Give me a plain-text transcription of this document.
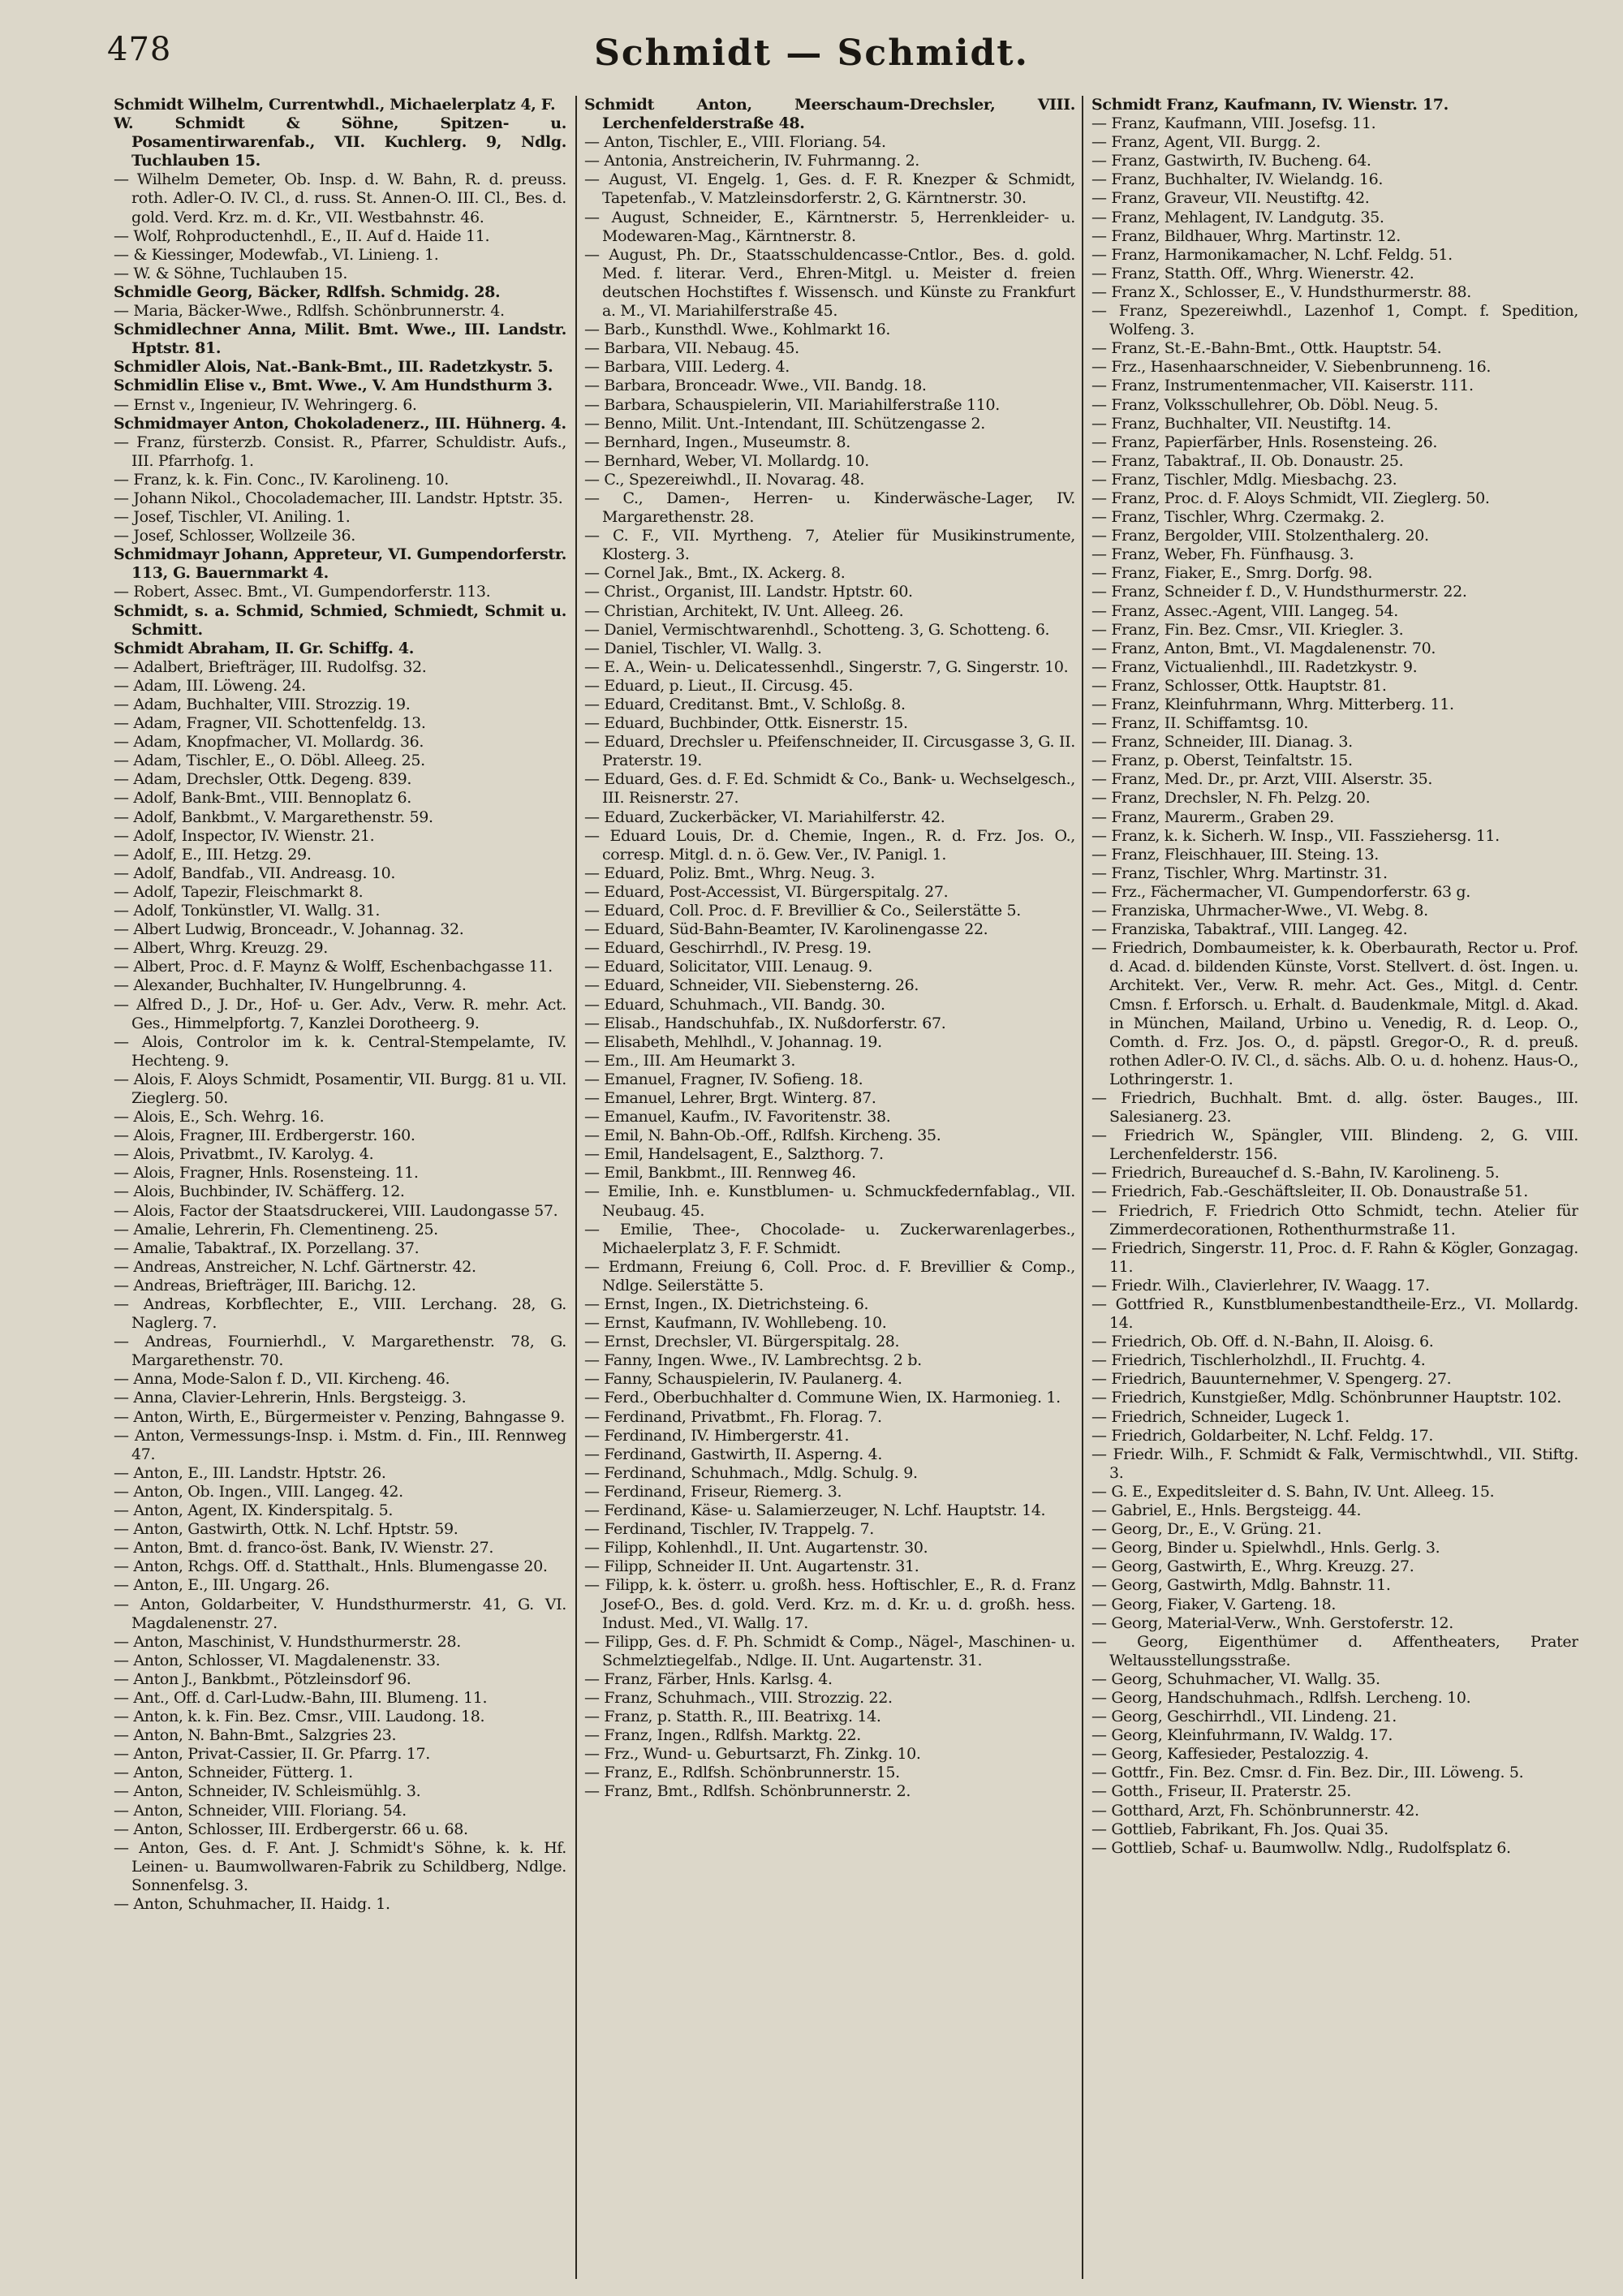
478	Schmidt — Schmidt.
Schmidt Wilhelm, Currentwhdl., Michaelerplatz 4, F.
W. Schmidt & Söhne, Spitzen- u. Posamentirwarenfab., VII. Kuchlerg. 9, Ndlg. Tuchlauben 15.
— Wilhelm Demeter, Ob. Insp. d. W. Bahn, R. d. preuss. roth. Adler-O. IV. Cl., d. russ. St. Annen-O. III. Cl., Bes. d. gold. Verd. Krz. m. d. Kr., VII. Westbahnstr. 46.
— Wolf, Rohproductenhdl., E., II. Auf d. Haide 11.
— & Kiessinger, Modewfab., VI. Linieng. 1.
— W. & Söhne, Tuchlauben 15.
Schmidle Georg, Bäcker, Rdlfsh. Schmidg. 28.
— Maria, Bäcker-Wwe., Rdlfsh. Schönbrunnerstr. 4.
Schmidlechner Anna, Milit. Bmt. Wwe., III. Landstr. Hptstr. 81.
Schmidler Alois, Nat.-Bank-Bmt., III. Radetzkystr. 5.
Schmidlin Elise v., Bmt. Wwe., V. Am Hundsthurm 3.
— Ernst v., Ingenieur, IV. Wehringerg. 6.
Schmidmayer Anton, Chokoladenerz., III. Hühnerg. 4.
— Franz, fürsterzb. Consist. R., Pfarrer, Schuldistr. Aufs., III. Pfarrhofg. 1.
— Franz, k. k. Fin. Conc., IV. Karolineng. 10.
— Johann Nikol., Chocolademacher, III. Landstr. Hptstr. 35.
— Josef, Tischler, VI. Aniling. 1.
— Josef, Schlosser, Wollzeile 36.
Schmidmayr Johann, Appreteur, VI. Gumpendorferstr. 113, G. Bauernmarkt 4.
— Robert, Assec. Bmt., VI. Gumpendorferstr. 113.
Schmidt, s. a. Schmid, Schmied, Schmiedt, Schmit u. Schmitt.
Schmidt Abraham, II. Gr. Schiffg. 4.
— Adalbert, Briefträger, III. Rudolfsg. 32.
— Adam, III. Löweng. 24.
— Adam, Buchhalter, VIII. Strozzig. 19.
— Adam, Fragner, VII. Schottenfeldg. 13.
— Adam, Knopfmacher, VI. Mollardg. 36.
— Adam, Tischler, E., O. Döbl. Alleeg. 25.
— Adam, Drechsler, Ottk. Degeng. 839.
— Adolf, Bank-Bmt., VIII. Bennoplatz 6.
— Adolf, Bankbmt., V. Margarethenstr. 59.
— Adolf, Inspector, IV. Wienstr. 21.
— Adolf, E., III. Hetzg. 29.
— Adolf, Bandfab., VII. Andreasg. 10.
— Adolf, Tapezir, Fleischmarkt 8.
— Adolf, Tonkünstler, VI. Wallg. 31.
— Albert Ludwig, Bronceadr., V. Johannag. 32.
— Albert, Whrg. Kreuzg. 29.
— Albert, Proc. d. F. Maynz & Wolff, Eschenbachgasse 11.
— Alexander, Buchhalter, IV. Hungelbrunng. 4.
— Alfred D., J. Dr., Hof- u. Ger. Adv., Verw. R. mehr. Act. Ges., Himmelpfortg. 7, Kanzlei Dorotheerg. 9.
— Alois, Controlor im k. k. Central-Stempelamte, IV. Hechteng. 9.
— Alois, F. Aloys Schmidt, Posamentir, VII. Burgg. 81 u. VII. Zieglerg. 50.
— Alois, E., Sch. Wehrg. 16.
— Alois, Fragner, III. Erdbergerstr. 160.
— Alois, Privatbmt., IV. Karolyg. 4.
— Alois, Fragner, Hnls. Rosensteing. 11.
— Alois, Buchbinder, IV. Schäfferg. 12.
— Alois, Factor der Staatsdruckerei, VIII. Laudongasse 57.
— Amalie, Lehrerin, Fh. Clementineng. 25.
— Amalie, Tabaktraf., IX. Porzellang. 37.
— Andreas, Anstreicher, N. Lchf. Gärtnerstr. 42.
— Andreas, Briefträger, III. Barichg. 12.
— Andreas, Korbflechter, E., VIII. Lerchang. 28, G. Naglerg. 7.
— Andreas, Fournierhdl., V. Margarethenstr. 78, G. Margarethenstr. 70.
— Anna, Mode-Salon f. D., VII. Kircheng. 46.
— Anna, Clavier-Lehrerin, Hnls. Bergsteigg. 3.
— Anton, Wirth, E., Bürgermeister v. Penzing, Bahngasse 9.
— Anton, Vermessungs-Insp. i. Mstm. d. Fin., III. Rennweg 47.
— Anton, E., III. Landstr. Hptstr. 26.
— Anton, Ob. Ingen., VIII. Langeg. 42.
— Anton, Agent, IX. Kinderspitalg. 5.
— Anton, Gastwirth, Ottk. N. Lchf. Hptstr. 59.
— Anton, Bmt. d. franco-öst. Bank, IV. Wienstr. 27.
— Anton, Rchgs. Off. d. Statthalt., Hnls. Blumengasse 20.
— Anton, E., III. Ungarg. 26.
— Anton, Goldarbeiter, V. Hundsthurmerstr. 41, G. VI. Magdalenenstr. 27.
— Anton, Maschinist, V. Hundsthurmerstr. 28.
— Anton, Schlosser, VI. Magdalenenstr. 33.
— Anton J., Bankbmt., Pötzleinsdorf 96.
— Ant., Off. d. Carl-Ludw.-Bahn, III. Blumeng. 11.
— Anton, k. k. Fin. Bez. Cmsr., VIII. Laudong. 18.
— Anton, N. Bahn-Bmt., Salzgries 23.
— Anton, Privat-Cassier, II. Gr. Pfarrg. 17.
— Anton, Schneider, Fütterg. 1.
— Anton, Schneider, IV. Schleismühlg. 3.
— Anton, Schneider, VIII. Floriang. 54.
— Anton, Schlosser, III. Erdbergerstr. 66 u. 68.
— Anton, Ges. d. F. Ant. J. Schmidt's Söhne, k. k. Hf. Leinen- u. Baumwollwaren-Fabrik zu Schildberg, Ndlge. Sonnenfelsg. 3.
— Anton, Schuhmacher, II. Haidg. 1.
Schmidt Anton, Meerschaum-Drechsler, VIII. Lerchenfelderstraße 48.
— Anton, Tischler, E., VIII. Floriang. 54.
— Antonia, Anstreicherin, IV. Fuhrmanng. 2.
— August, VI. Engelg. 1, Ges. d. F. R. Knezper & Schmidt, Tapetenfab., V. Matzleinsdorferstr. 2, G. Kärntnerstr. 30.
— August, Schneider, E., Kärntnerstr. 5, Herrenkleider- u. Modewaren-Mag., Kärntnerstr. 8.
— August, Ph. Dr., Staatsschuldencasse-Cntlor., Bes. d. gold. Med. f. literar. Verd., Ehren-Mitgl. u. Meister d. freien deutschen Hochstiftes f. Wissensch. und Künste zu Frankfurt a. M., VI. Mariahilferstraße 45.
— Barb., Kunsthdl. Wwe., Kohlmarkt 16.
— Barbara, VII. Nebaug. 45.
— Barbara, VIII. Lederg. 4.
— Barbara, Bronceadr. Wwe., VII. Bandg. 18.
— Barbara, Schauspielerin, VII. Mariahilferstraße 110.
— Benno, Milit. Unt.-Intendant, III. Schützengasse 2.
— Bernhard, Ingen., Museumstr. 8.
— Bernhard, Weber, VI. Mollardg. 10.
— C., Spezereiwhdl., II. Novarag. 48.
— C., Damen-, Herren- u. Kinderwäsche-Lager, IV. Margarethenstr. 28.
— C. F., VII. Myrtheng. 7, Atelier für Musikinstrumente, Klosterg. 3.
— Cornel Jak., Bmt., IX. Ackerg. 8.
— Christ., Organist, III. Landstr. Hptstr. 60.
— Christian, Architekt, IV. Unt. Alleeg. 26.
— Daniel, Vermischtwarenhdl., Schotteng. 3, G. Schotteng. 6.
— Daniel, Tischler, VI. Wallg. 3.
— E. A., Wein- u. Delicatessenhdl., Singerstr. 7, G. Singerstr. 10.
— Eduard, p. Lieut., II. Circusg. 45.
— Eduard, Creditanst. Bmt., V. Schloßg. 8.
— Eduard, Buchbinder, Ottk. Eisnerstr. 15.
— Eduard, Drechsler u. Pfeifenschneider, II. Circusgasse 3, G. II. Praterstr. 19.
— Eduard, Ges. d. F. Ed. Schmidt & Co., Bank- u. Wechselgesch., III. Reisnerstr. 27.
— Eduard, Zuckerbäcker, VI. Mariahilferstr. 42.
— Eduard Louis, Dr. d. Chemie, Ingen., R. d. Frz. Jos. O., corresp. Mitgl. d. n. ö. Gew. Ver., IV. Panigl. 1.
— Eduard, Poliz. Bmt., Whrg. Neug. 3.
— Eduard, Post-Accessist, VI. Bürgerspitalg. 27.
— Eduard, Coll. Proc. d. F. Brevillier & Co., Seilerstätte 5.
— Eduard, Süd-Bahn-Beamter, IV. Karolinengasse 22.
— Eduard, Geschirrhdl., IV. Presg. 19.
— Eduard, Solicitator, VIII. Lenaug. 9.
— Eduard, Schneider, VII. Siebensterng. 26.
— Eduard, Schuhmach., VII. Bandg. 30.
— Elisab., Handschuhfab., IX. Nußdorferstr. 67.
— Elisabeth, Mehlhdl., V. Johannag. 19.
— Em., III. Am Heumarkt 3.
— Emanuel, Fragner, IV. Sofieng. 18.
— Emanuel, Lehrer, Brgt. Winterg. 87.
— Emanuel, Kaufm., IV. Favoritenstr. 38.
— Emil, N. Bahn-Ob.-Off., Rdlfsh. Kircheng. 35.
— Emil, Handelsagent, E., Salzthorg. 7.
— Emil, Bankbmt., III. Rennweg 46.
— Emilie, Inh. e. Kunstblumen- u. Schmuckfedernfablag., VII. Neubaug. 45.
— Emilie, Thee-, Chocolade- u. Zuckerwarenlagerbes., Michaelerplatz 3, F. F. Schmidt.
— Erdmann, Freiung 6, Coll. Proc. d. F. Brevillier & Comp., Ndlge. Seilerstätte 5.
— Ernst, Ingen., IX. Dietrichsteing. 6.
— Ernst, Kaufmann, IV. Wohllebeng. 10.
— Ernst, Drechsler, VI. Bürgerspitalg. 28.
— Fanny, Ingen. Wwe., IV. Lambrechtsg. 2 b.
— Fanny, Schauspielerin, IV. Paulanerg. 4.
— Ferd., Oberbuchhalter d. Commune Wien, IX. Harmonieg. 1.
— Ferdinand, Privatbmt., Fh. Florag. 7.
— Ferdinand, IV. Himbergerstr. 41.
— Ferdinand, Gastwirth, II. Asperng. 4.
— Ferdinand, Schuhmach., Mdlg. Schulg. 9.
— Ferdinand, Friseur, Riemerg. 3.
— Ferdinand, Käse- u. Salamierzeuger, N. Lchf. Hauptstr. 14.
— Ferdinand, Tischler, IV. Trappelg. 7.
— Filipp, Kohlenhdl., II. Unt. Augartenstr. 30.
— Filipp, Schneider II. Unt. Augartenstr. 31.
— Filipp, k. k. österr. u. großh. hess. Hoftischler, E., R. d. Franz Josef-O., Bes. d. gold. Verd. Krz. m. d. Kr. u. d. großh. hess. Indust. Med., VI. Wallg. 17.
— Filipp, Ges. d. F. Ph. Schmidt & Comp., Nägel-, Maschinen- u. Schmelztiegelfab., Ndlge. II. Unt. Augartenstr. 31.
— Franz, Färber, Hnls. Karlsg. 4.
— Franz, Schuhmach., VIII. Strozzig. 22.
— Franz, p. Statth. R., III. Beatrixg. 14.
— Franz, Ingen., Rdlfsh. Marktg. 22.
— Frz., Wund- u. Geburtsarzt, Fh. Zinkg. 10.
— Franz, E., Rdlfsh. Schönbrunnerstr. 15.
— Franz, Bmt., Rdlfsh. Schönbrunnerstr. 2.
Schmidt Franz, Kaufmann, IV. Wienstr. 17.
— Franz, Kaufmann, VIII. Josefsg. 11.
— Franz, Agent, VII. Burgg. 2.
— Franz, Gastwirth, IV. Bucheng. 64.
— Franz, Buchhalter, IV. Wielandg. 16.
— Franz, Graveur, VII. Neustiftg. 42.
— Franz, Mehlagent, IV. Landgutg. 35.
— Franz, Bildhauer, Whrg. Martinstr. 12.
— Franz, Harmonikamacher, N. Lchf. Feldg. 51.
— Franz, Statth. Off., Whrg. Wienerstr. 42.
— Franz X., Schlosser, E., V. Hundsthurmerstr. 88.
— Franz, Spezereiwhdl., Lazenhof 1, Compt. f. Spedition, Wolfeng. 3.
— Franz, St.-E.-Bahn-Bmt., Ottk. Hauptstr. 54.
— Frz., Hasenhaarschneider, V. Siebenbrunneng. 16.
— Franz, Instrumentenmacher, VII. Kaiserstr. 111.
— Franz, Volksschullehrer, Ob. Döbl. Neug. 5.
— Franz, Buchhalter, VII. Neustiftg. 14.
— Franz, Papierfärber, Hnls. Rosensteing. 26.
— Franz, Tabaktraf., II. Ob. Donaustr. 25.
— Franz, Tischler, Mdlg. Miesbachg. 23.
— Franz, Proc. d. F. Aloys Schmidt, VII. Zieglerg. 50.
— Franz, Tischler, Whrg. Czermakg. 2.
— Franz, Bergolder, VIII. Stolzenthalerg. 20.
— Franz, Weber, Fh. Fünfhausg. 3.
— Franz, Fiaker, E., Smrg. Dorfg. 98.
— Franz, Schneider f. D., V. Hundsthurmerstr. 22.
— Franz, Assec.-Agent, VIII. Langeg. 54.
— Franz, Fin. Bez. Cmsr., VII. Kriegler. 3.
— Franz, Anton, Bmt., VI. Magdalenenstr. 70.
— Franz, Victualienhdl., III. Radetzkystr. 9.
— Franz, Schlosser, Ottk. Hauptstr. 81.
— Franz, Kleinfuhrmann, Whrg. Mitterberg. 11.
— Franz, II. Schiffamtsg. 10.
— Franz, Schneider, III. Dianag. 3.
— Franz, p. Oberst, Teinfaltstr. 15.
— Franz, Med. Dr., pr. Arzt, VIII. Alserstr. 35.
— Franz, Drechsler, N. Fh. Pelzg. 20.
— Franz, Maurerm., Graben 29.
— Franz, k. k. Sicherh. W. Insp., VII. Fassziehersg. 11.
— Franz, Fleischhauer, III. Steing. 13.
— Franz, Tischler, Whrg. Martinstr. 31.
— Frz., Fächermacher, VI. Gumpendorferstr. 63 g.
— Franziska, Uhrmacher-Wwe., VI. Webg. 8.
— Franziska, Tabaktraf., VIII. Langeg. 42.
— Friedrich, Dombaumeister, k. k. Oberbaurath, Rector u. Prof. d. Acad. d. bildenden Künste, Vorst. Stellvert. d. öst. Ingen. u. Architekt. Ver., Verw. R. mehr. Act. Ges., Mitgl. d. Centr. Cmsn. f. Erforsch. u. Erhalt. d. Baudenkmale, Mitgl. d. Akad. in München, Mailand, Urbino u. Venedig, R. d. Leop. O., Comth. d. Frz. Jos. O., d. päpstl. Gregor-O., R. d. preuß. rothen Adler-O. IV. Cl., d. sächs. Alb. O. u. d. hohenz. Haus-O., Lothringerstr. 1.
— Friedrich, Buchhalt. Bmt. d. allg. öster. Bauges., III. Salesianerg. 23.
— Friedrich W., Spängler, VIII. Blindeng. 2, G. VIII. Lerchenfelderstr. 156.
— Friedrich, Bureauchef d. S.-Bahn, IV. Karolineng. 5.
— Friedrich, Fab.-Geschäftsleiter, II. Ob. Donaustraße 51.
— Friedrich, F. Friedrich Otto Schmidt, techn. Atelier für Zimmerdecorationen, Rothenthurmstraße 11.
— Friedrich, Singerstr. 11, Proc. d. F. Rahn & Kögler, Gonzagag. 11.
— Friedr. Wilh., Clavierlehrer, IV. Waagg. 17.
— Gottfried R., Kunstblumenbestandtheile-Erz., VI. Mollardg. 14.
— Friedrich, Ob. Off. d. N.-Bahn, II. Aloisg. 6.
— Friedrich, Tischlerholzhdl., II. Fruchtg. 4.
— Friedrich, Bauunternehmer, V. Spengerg. 27.
— Friedrich, Kunstgießer, Mdlg. Schönbrunner Hauptstr. 102.
— Friedrich, Schneider, Lugeck 1.
— Friedrich, Goldarbeiter, N. Lchf. Feldg. 17.
— Friedr. Wilh., F. Schmidt & Falk, Vermischtwhdl., VII. Stiftg. 3.
— G. E., Expeditsleiter d. S. Bahn, IV. Unt. Alleeg. 15.
— Gabriel, E., Hnls. Bergsteigg. 44.
— Georg, Dr., E., V. Grüng. 21.
— Georg, Binder u. Spielwhdl., Hnls. Gerlg. 3.
— Georg, Gastwirth, E., Whrg. Kreuzg. 27.
— Georg, Gastwirth, Mdlg. Bahnstr. 11.
— Georg, Fiaker, V. Garteng. 18.
— Georg, Material-Verw., Wnh. Gerstoferstr. 12.
— Georg, Eigenthümer d. Affentheaters, Prater Weltausstellungsstraße.
— Georg, Schuhmacher, VI. Wallg. 35.
— Georg, Handschuhmach., Rdlfsh. Lercheng. 10.
— Georg, Geschirrhdl., VII. Lindeng. 21.
— Georg, Kleinfuhrmann, IV. Waldg. 17.
— Georg, Kaffesieder, Pestalozzig. 4.
— Gottfr., Fin. Bez. Cmsr. d. Fin. Bez. Dir., III. Löweng. 5.
— Gotth., Friseur, II. Praterstr. 25.
— Gotthard, Arzt, Fh. Schönbrunnerstr. 42.
— Gottlieb, Fabrikant, Fh. Jos. Quai 35.
— Gottlieb, Schaf- u. Baumwollw. Ndlg., Rudolfsplatz 6.
